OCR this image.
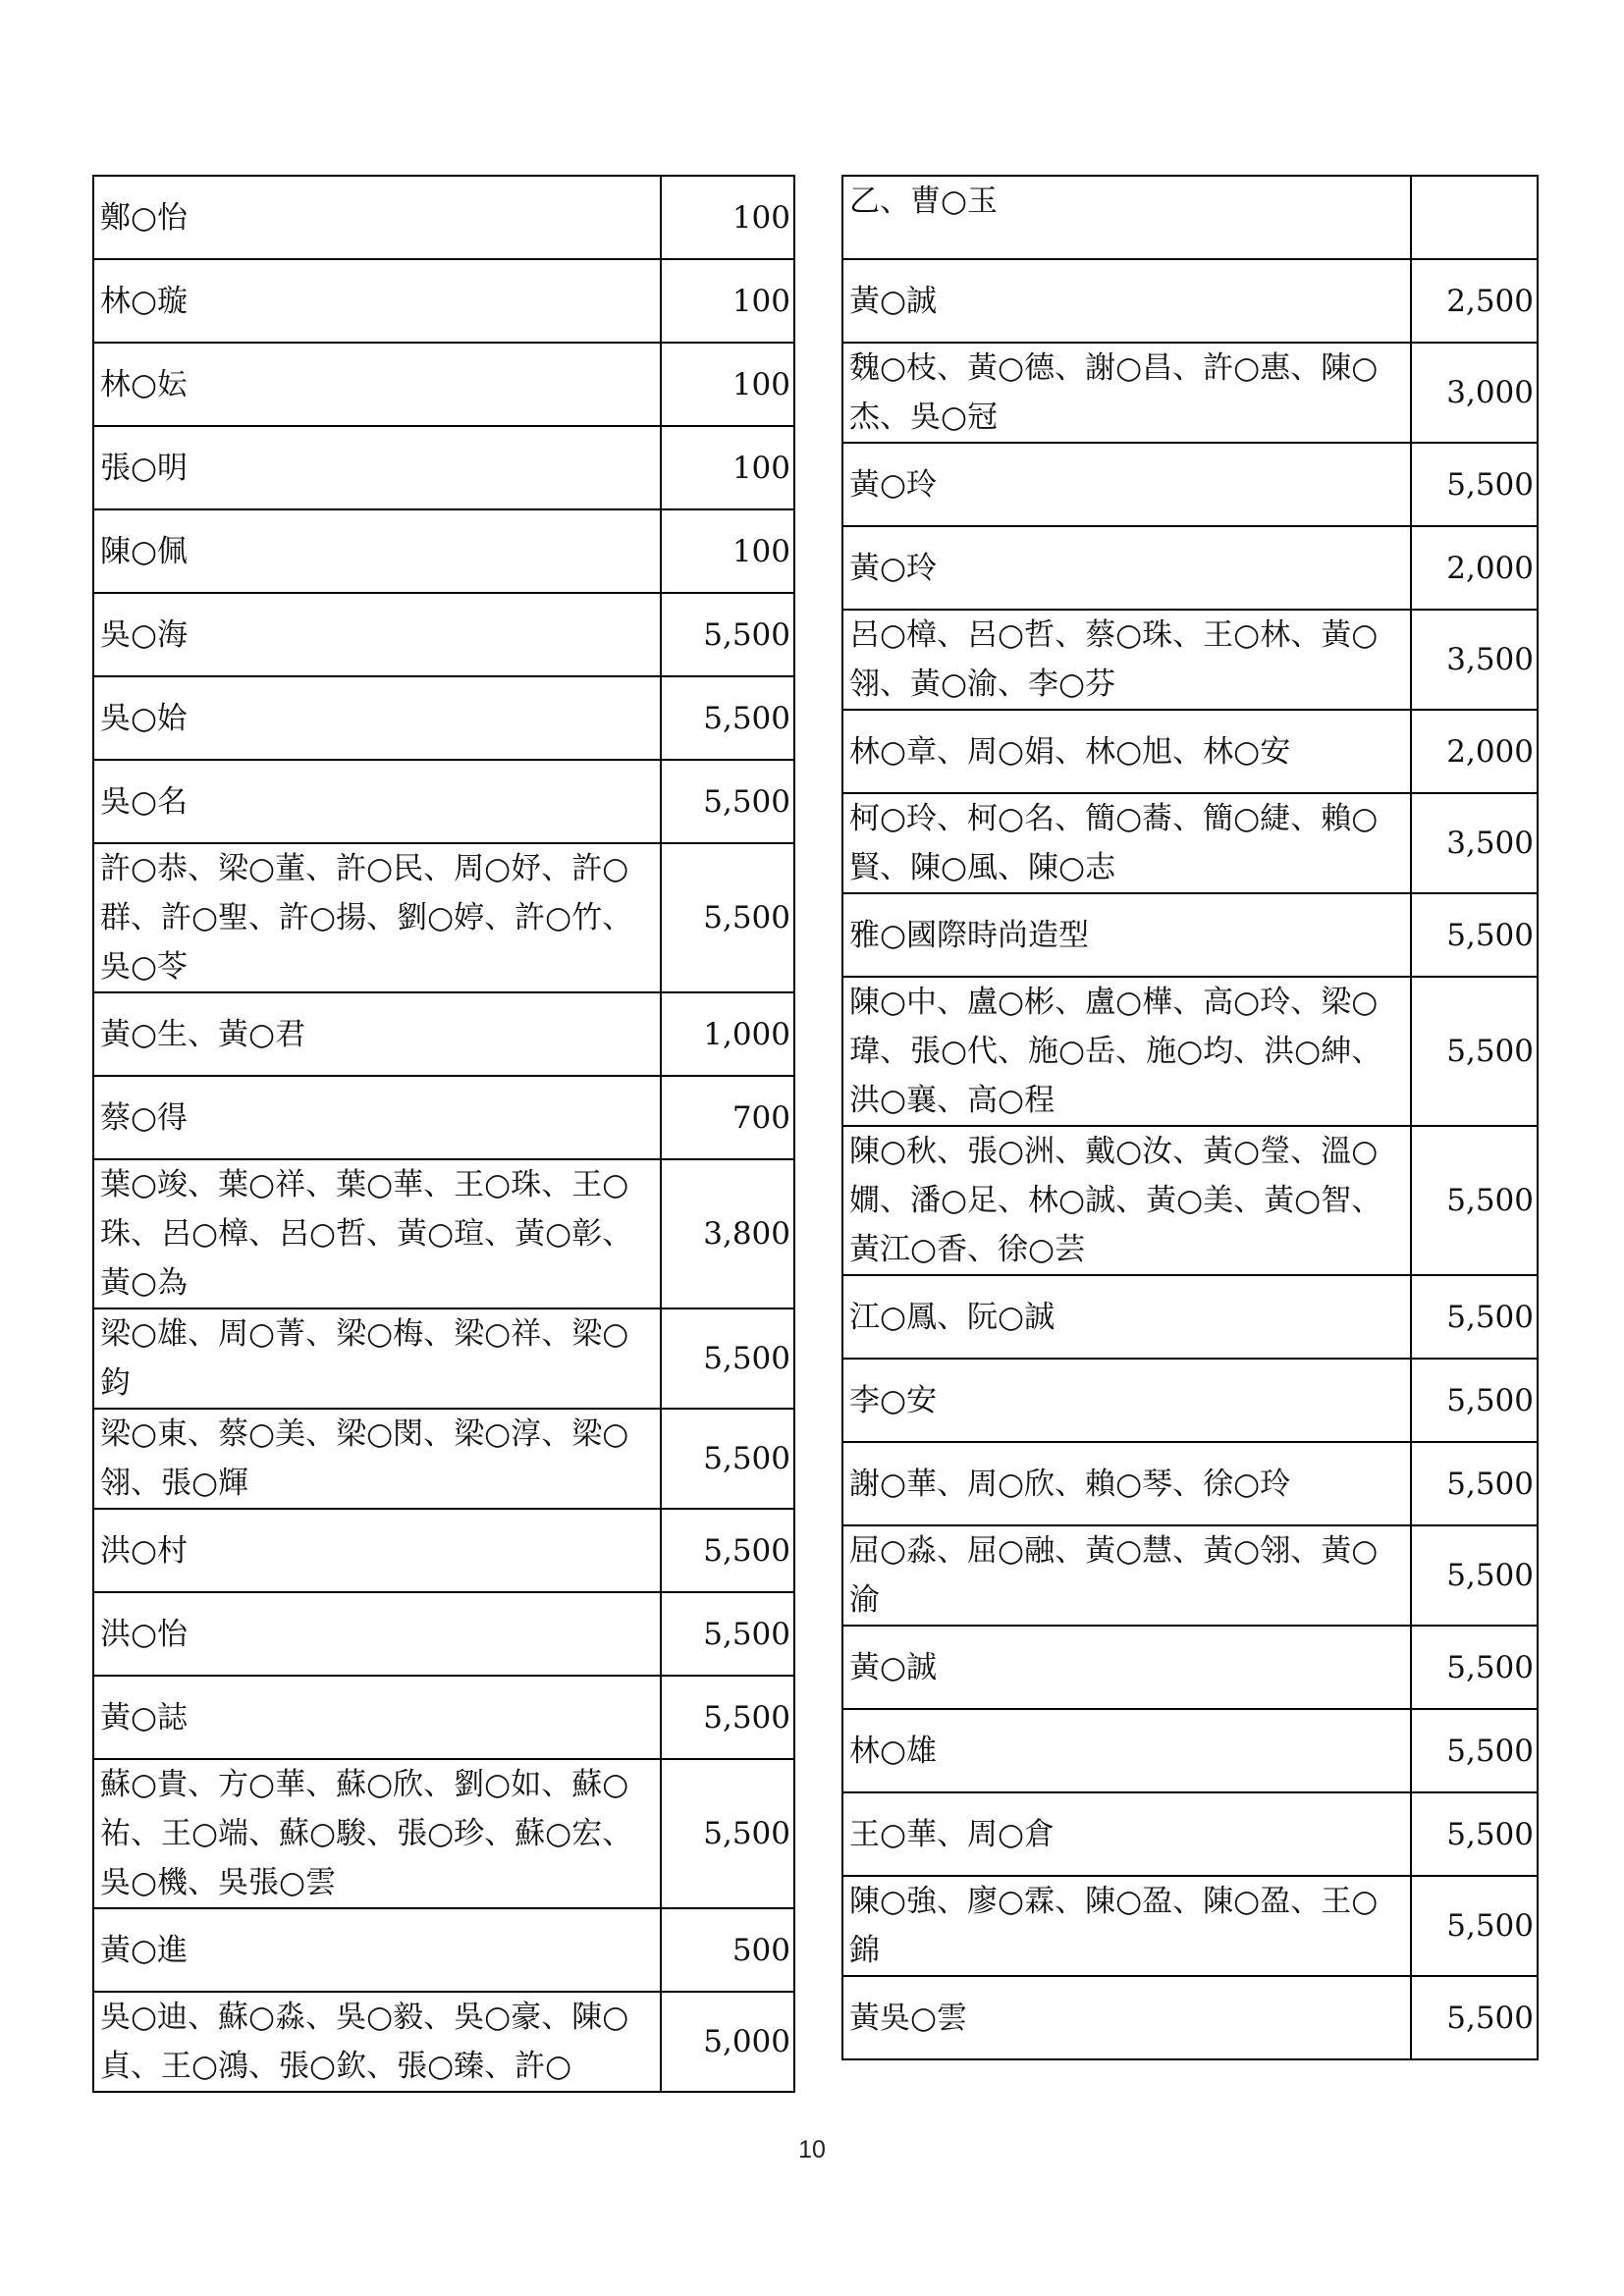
鄭○怡	100
林○璇	100
林○妘	100
張○明	100
陳○佩	100
吳○海	5,500
吳○姶	5,500
吳○名	5,500
許○恭、梁○董、許○民、周○妤、許○群、許○聖、許○揚、劉○婷、許○竹、吳○苓	5,500
黃○生、黃○君	1,000
蔡○得	700
葉○竣、葉○祥、葉○華、王○珠、王○珠、呂○樟、呂○哲、黃○瑄、黃○彰、黃○為	3,800
梁○雄、周○菁、梁○梅、梁○祥、梁○鈞	5,500
梁○東、蔡○美、梁○閔、梁○淳、梁○翎、張○輝	5,500
洪○村	5,500
洪○怡	5,500
黃○誌	5,500
蘇○貴、方○華、蘇○欣、劉○如、蘇○祐、王○端、蘇○駿、張○珍、蘇○宏、吳○機、吳張○雲	5,500
黃○進	500
吳○迪、蘇○淼、吳○毅、吳○豪、陳○貞、王○鴻、張○欽、張○臻、許○	5,000
乙、曹○玉	
黃○誠	2,500
魏○枝、黃○德、謝○昌、許○惠、陳○杰、吳○冠	3,000
黃○玲	5,500
黃○玲	2,000
呂○樟、呂○哲、蔡○珠、王○林、黃○翎、黃○渝、李○芬	3,500
林○章、周○娟、林○旭、林○安	2,000
柯○玲、柯○名、簡○蕎、簡○緁、賴○賢、陳○風、陳○志	3,500
雅○國際時尚造型	5,500
陳○中、盧○彬、盧○樺、高○玲、梁○瑋、張○代、施○岳、施○均、洪○紳、洪○襄、高○程	5,500
陳○秋、張○洲、戴○汝、黃○瑩、溫○嫺、潘○足、林○誠、黃○美、黃○智、黃江○香、徐○芸	5,500
江○鳳、阮○誠	5,500
李○安	5,500
謝○華、周○欣、賴○琴、徐○玲	5,500
屈○淼、屈○融、黃○慧、黃○翎、黃○渝	5,500
黃○誠	5,500
林○雄	5,500
王○華、周○倉	5,500
陳○強、廖○霖、陳○盈、陳○盈、王○錦	5,500
黃吳○雲	5,500
10
